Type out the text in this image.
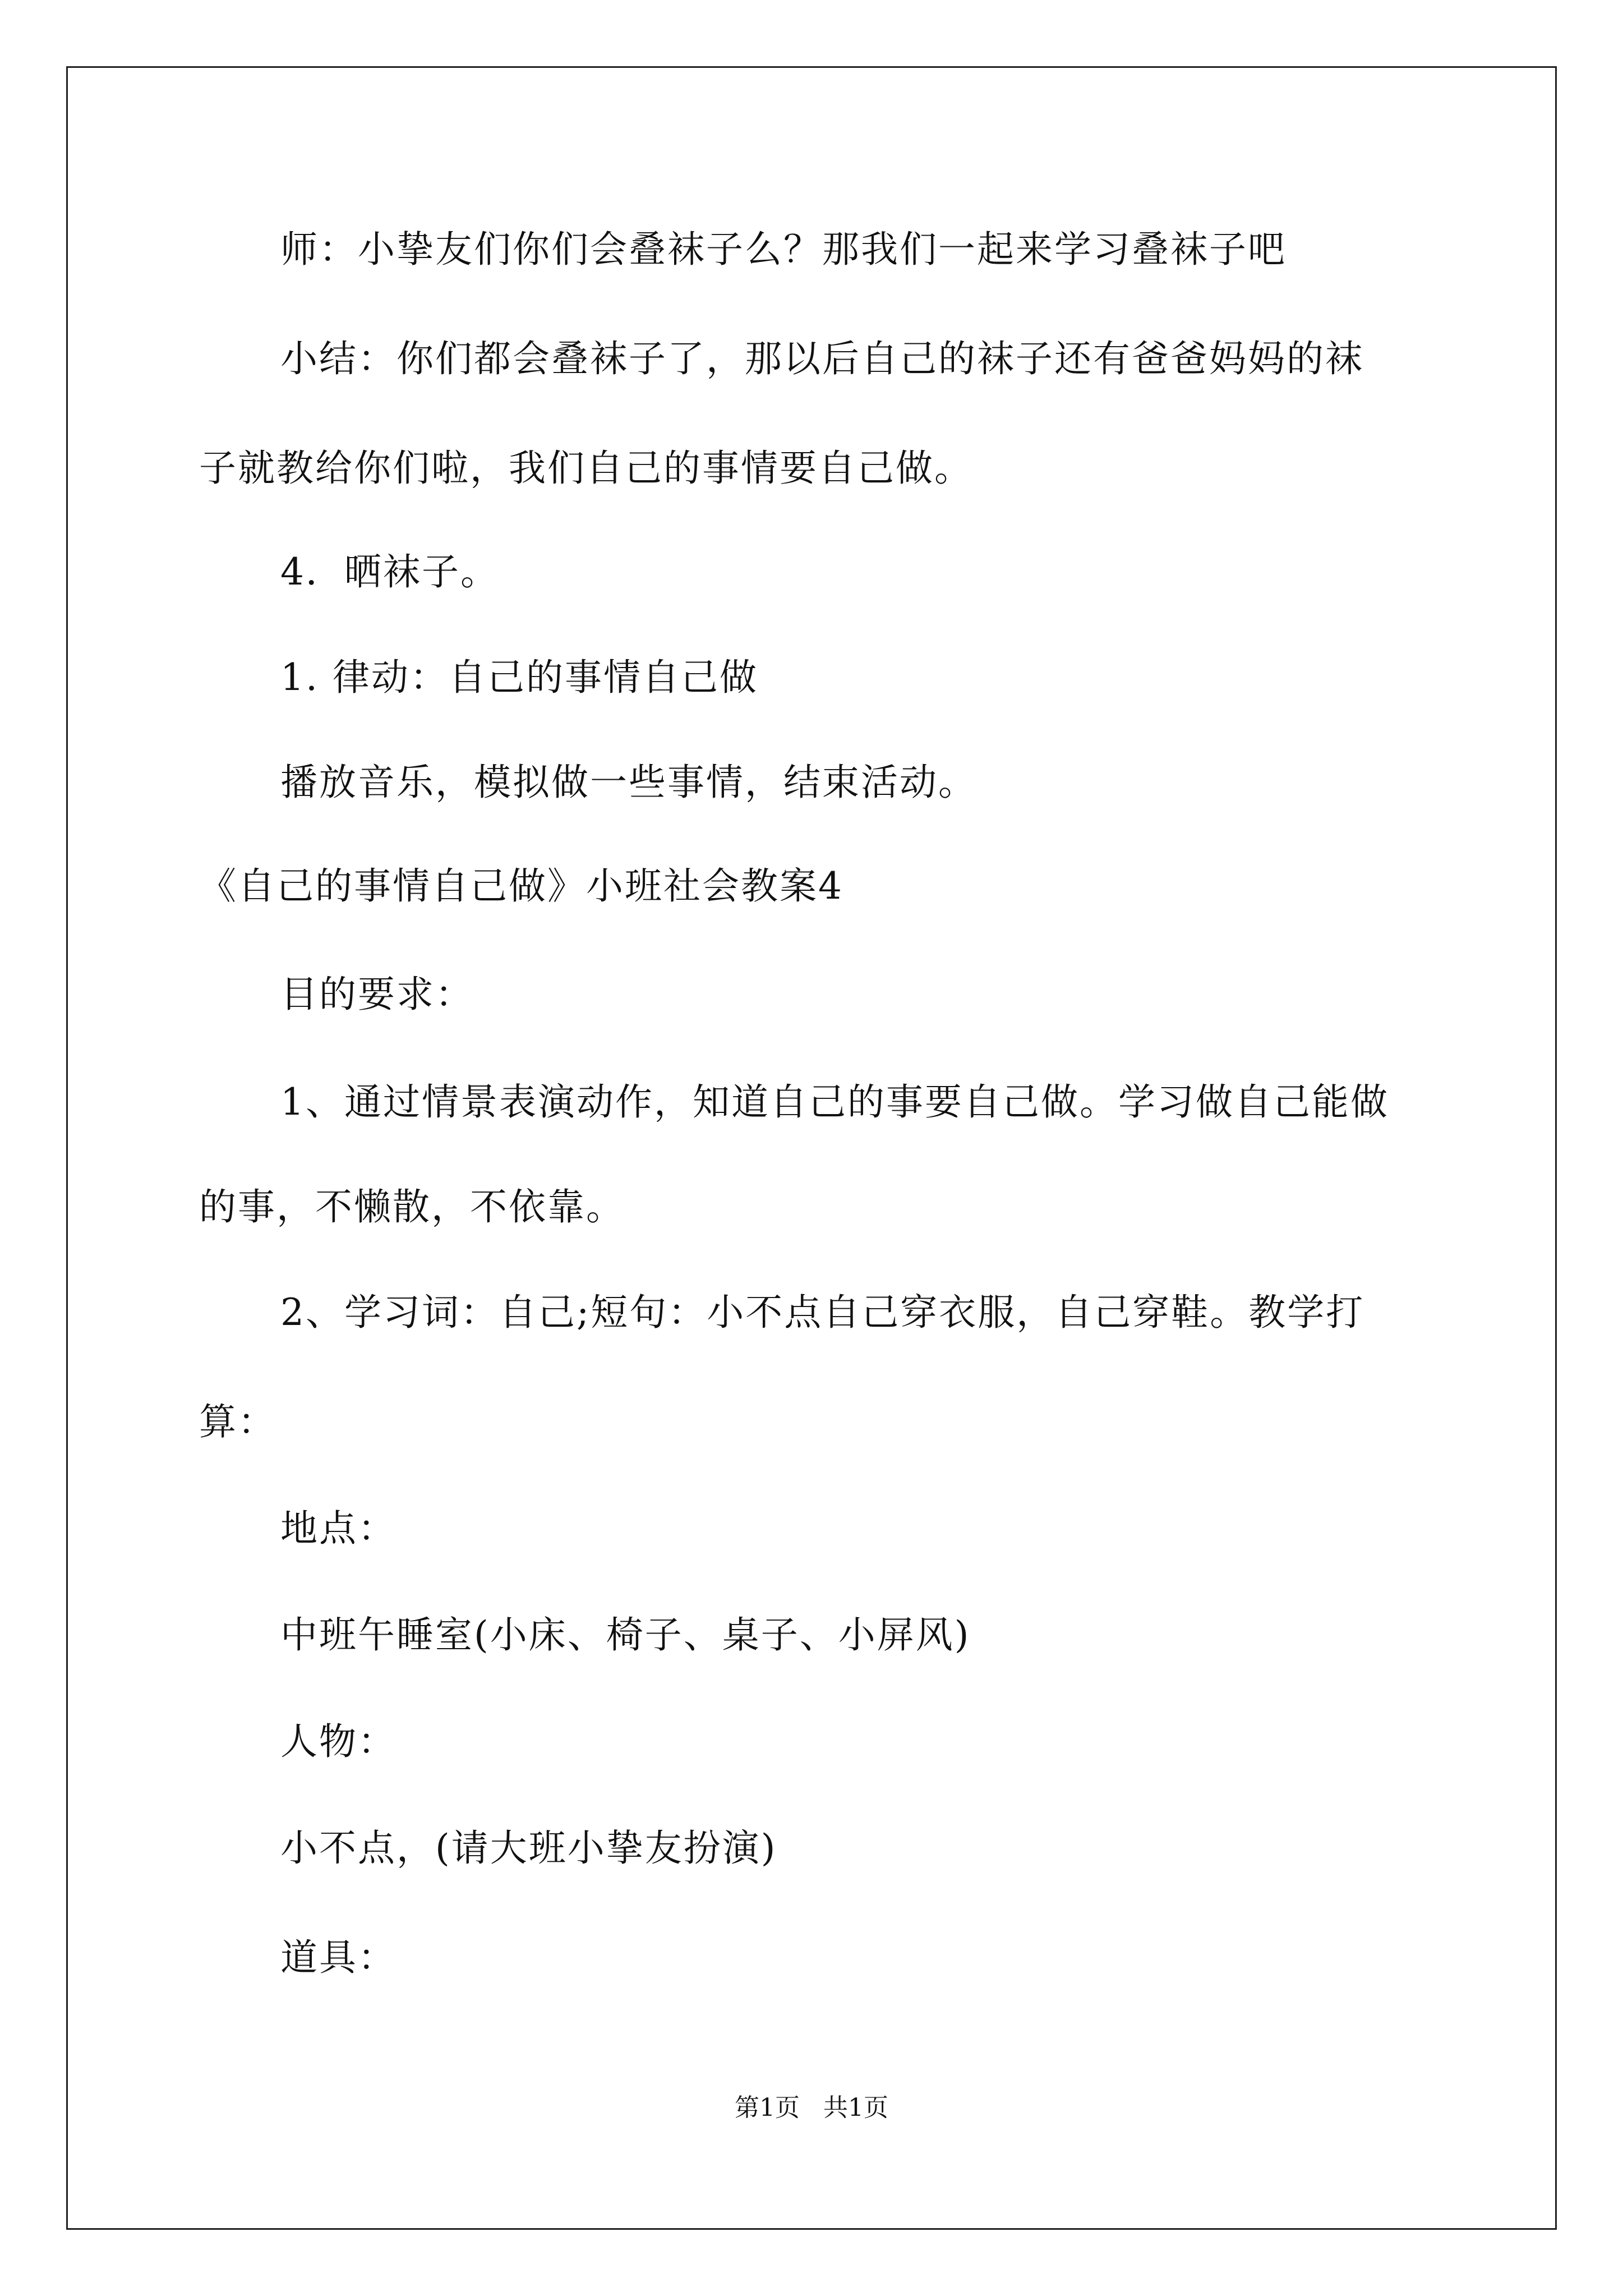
师：小挚友们你们会叠袜子么？那我们一起来学习叠袜子吧
小结：你们都会叠袜子了，那以后自己的袜子还有爸爸妈妈的袜
子就教给你们啦，我们自己的事情要自己做。
4．晒袜子。
1. 律动：自己的事情自己做
播放音乐，模拟做一些事情，结束活动。
《自己的事情自己做》小班社会教案4
目的要求：
1、通过情景表演动作，知道自己的事要自己做。学习做自己能做
的事，不懒散，不依靠。
2、学习词：自己;短句：小不点自己穿衣服，自己穿鞋。教学打
算：
地点：
中班午睡室(小床、椅子、桌子、小屏风)
人物：
小不点，(请大班小挚友扮演)
道具：
第1页   共1页
